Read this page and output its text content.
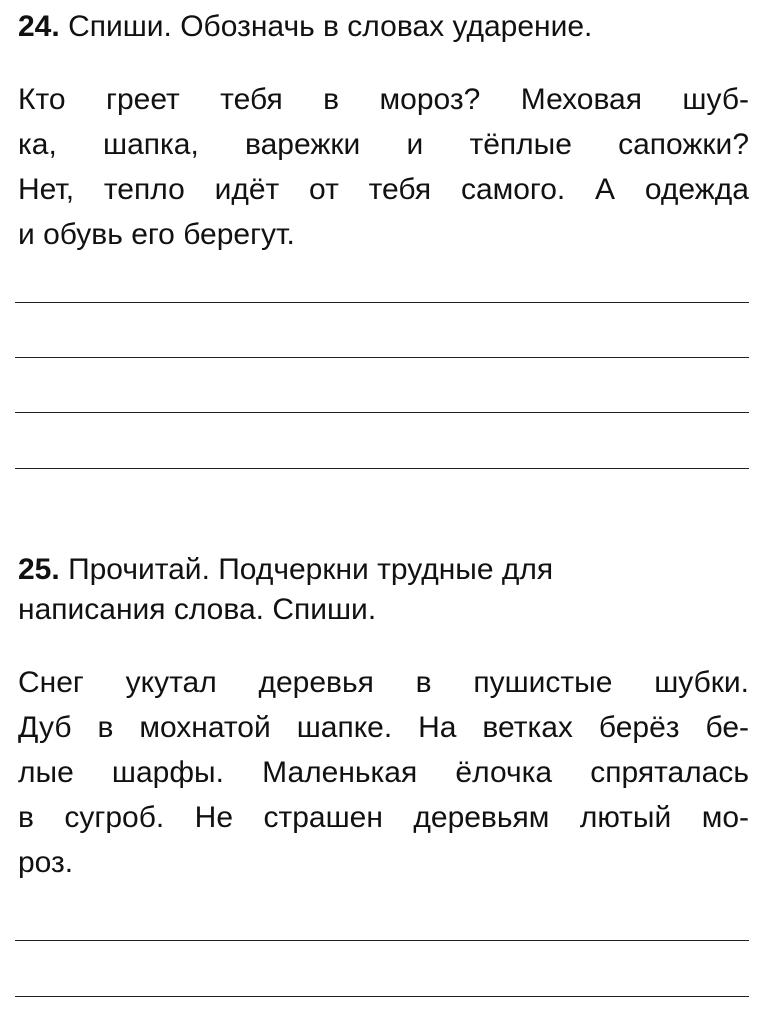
24. Спиши. Обозначь в словах ударение.

Кто греет тебя в мороз? Меховая шуб-
ка, шапка, варежки и тёплые сапожки?
Нет, тепло идёт от тебя самого. А одежда
и обувь его берегут.
25. Прочитай. Подчеркни трудные для
написания слова. Спиши.
Снег укутал деревья в пушистые шубки.
Дуб в мохнатой шапке. На ветках берёз бе-
лые шарфы. Маленькая ёлочка спряталась
в сугроб. Не страшен деревьям лютый мо-
роз.
